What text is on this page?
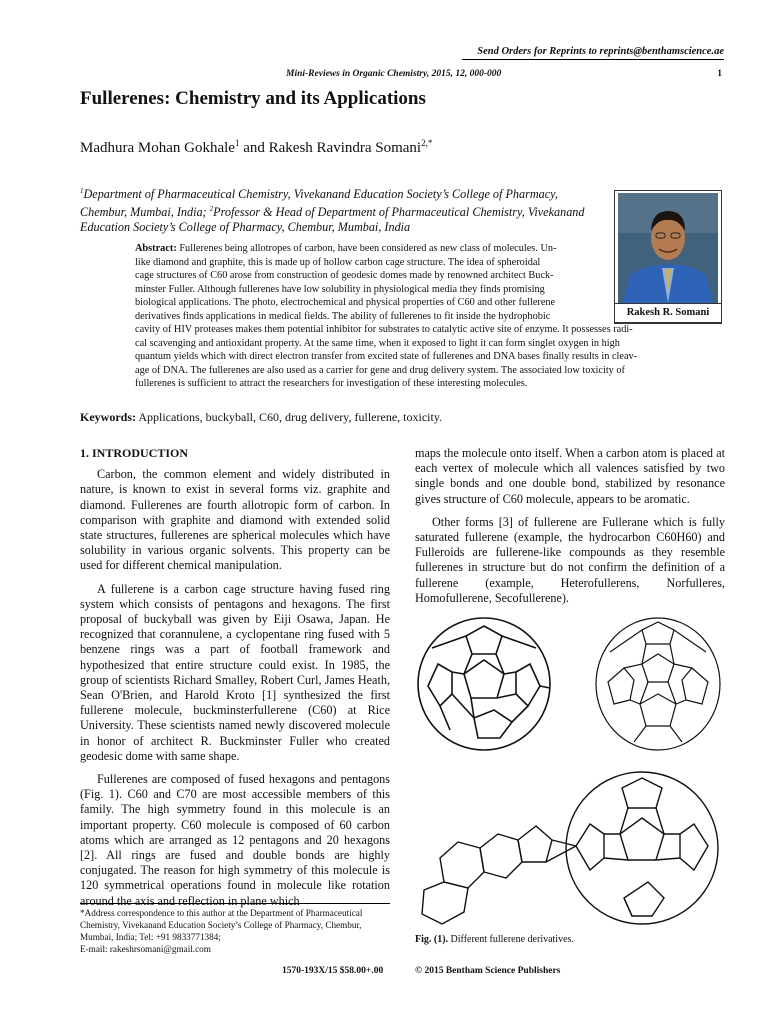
Send Orders for Reprints to reprints@benthamscience.ae
Mini-Reviews in Organic Chemistry, 2015, 12, 000-000	1
Fullerenes: Chemistry and its Applications
Madhura Mohan Gokhale$^1$ and Rakesh Ravindra Somani$^{2,*}$
$^1$Department of Pharmaceutical Chemistry, Vivekanand Education Society’s College of Pharmacy, Chembur, Mumbai, India; $^2$Professor & Head of Department of Pharmaceutical Chemistry, Vivekanand Education Society’s College of Pharmacy, Chembur, Mumbai, India
Rakesh R. Somani
Abstract: Fullerenes being allotropes of carbon, have been considered as new class of molecules. Un-
like diamond and graphite, this is made up of hollow carbon cage structure. The idea of spheroidal
cage structures of C60 arose from construction of geodesic domes made by renowned architect Buck-
minster Fuller. Although fullerenes have low solubility in physiological media they finds promising
biological applications. The photo, electrochemical and physical properties of C60 and other fullerene
derivatives finds applications in medical fields. The ability of fullerenes to fit inside the hydrophobic
cavity of HIV proteases makes them potential inhibitor for substrates to catalytic active site of enzyme. It possesses radi-
cal scavenging and antioxidant property. At the same time, when it exposed to light it can form singlet oxygen in high
quantum yields which with direct electron transfer from excited state of fullerenes and DNA bases finally results in cleav-
age of DNA. The fullerenes are also used as a carrier for gene and drug delivery system. The associated low toxicity of
fullerenes is sufficient to attract the researchers for investigation of these interesting molecules.
Keywords: Applications, buckyball, C60, drug delivery, fullerene, toxicity.
1. INTRODUCTION

Carbon, the common element and widely distributed in nature, is known to exist in several forms viz. graphite and diamond. Fullerenes are fourth allotropic form of carbon. In comparison with graphite and diamond with extended solid state structures, fullerenes are spherical molecules which have solubility in various organic solvents. This property can be used for different chemical manipulation.

A fullerene is a carbon cage structure having fused ring system which consists of pentagons and hexagons. The first proposal of buckyball was given by Eiji Osawa, Japan. He recognized that corannulene, a cyclopentane ring fused with 5 benzene rings was a part of football framework and hypothesized that entire structure could exist. In 1985, the group of scientists Richard Smalley, Robert Curl, James Heath, Sean O'Brien, and Harold Kroto [1] synthesized the first fullerene molecule, buckminsterfullerene (C60) at Rice University. These scientists named newly discovered molecule in honor of architect R. Buckminster Fuller who created geodesic dome with same shape.

Fullerenes are composed of fused hexagons and pentagons (Fig. 1). C60 and C70 are most accessible members of this family. The high symmetry found in this molecule is an important property. C60 molecule is composed of 60 carbon atoms which are arranged as 12 pentagons and 20 hexagons [2]. All rings are fused and double bonds are highly conjugated. The reason for high symmetry of this molecule is 120 symmetrical operations found in molecule like rotation around the axis and reflection in plane which

maps the molecule onto itself. When a carbon atom is placed at each vertex of molecule which all valences satisfied by two single bonds and one double bond, stabilized by resonance gives structure of C60 molecule, appears to be aromatic.

Other forms [3] of fullerene are Fullerane which is fully saturated fullerene (example, the hydrocarbon C60H60) and Fulleroids are fullerene-like compounds as they resemble fullerenes in structure but do not confirm the definition of a fullerene (example, Heterofullerens, Norfulleres, Homofullerene, Secofullerene).

*Address correspondence to this author at the Department of Pharmaceutical Chemistry, Vivekanand Education Society’s College of Pharmacy, Chembur, Mumbai, India; Tel: +91 9833771384;

E-mail: rakeshrsomani@gmail.com

Fig. (1). Different fullerene derivatives.
1570-193X/15 $58.00+.00	© 2015 Bentham Science Publishers
